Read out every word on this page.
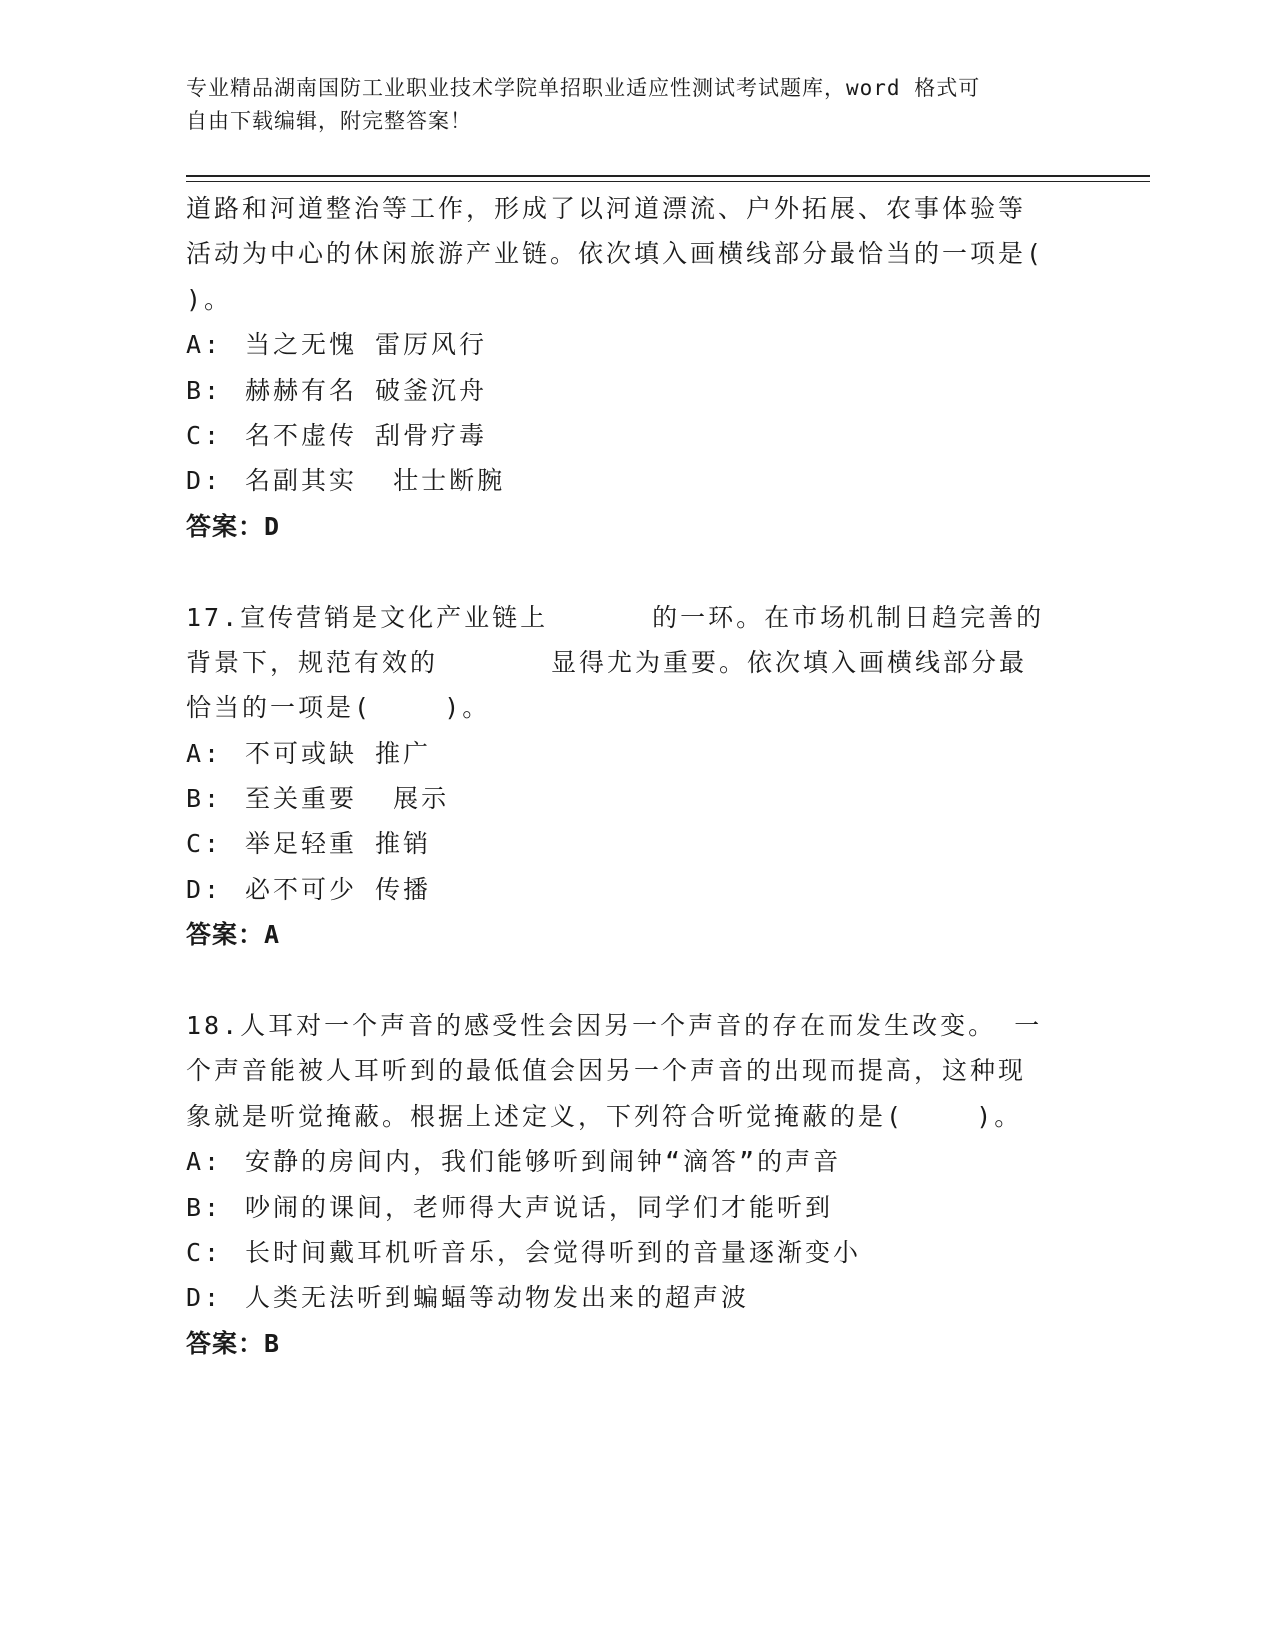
专业精品湖南国防工业职业技术学院单招职业适应性测试考试题库，word 格式可
自由下载编辑，附完整答案！
道路和河道整治等工作，形成了以河道漂流、户外拓展、农事体验等
活动为中心的休闲旅游产业链。依次填入画横线部分最恰当的一项是(
)。
A: 当之无愧 雷厉风行
B: 赫赫有名 破釜沉舟
C: 名不虚传 刮骨疗毒
D: 名副其实  壮士断腕
答案：D
17.宣传营销是文化产业链上	的一环。在市场机制日趋完善的
背景下，规范有效的	显得尤为重要。依次填入画横线部分最
恰当的一项是(    )。
A: 不可或缺 推广
B: 至关重要  展示
C: 举足轻重 推销
D: 必不可少 传播
答案：A
18.人耳对一个声音的感受性会因另一个声音的存在而发生改变。 一
个声音能被人耳听到的最低值会因另一个声音的出现而提高，这种现
象就是听觉掩蔽。根据上述定义，下列符合听觉掩蔽的是(    )。
A: 安静的房间内，我们能够听到闹钟“滴答”的声音
B: 吵闹的课间，老师得大声说话，同学们才能听到
C: 长时间戴耳机听音乐，会觉得听到的音量逐渐变小
D: 人类无法听到蝙蝠等动物发出来的超声波
答案：B
